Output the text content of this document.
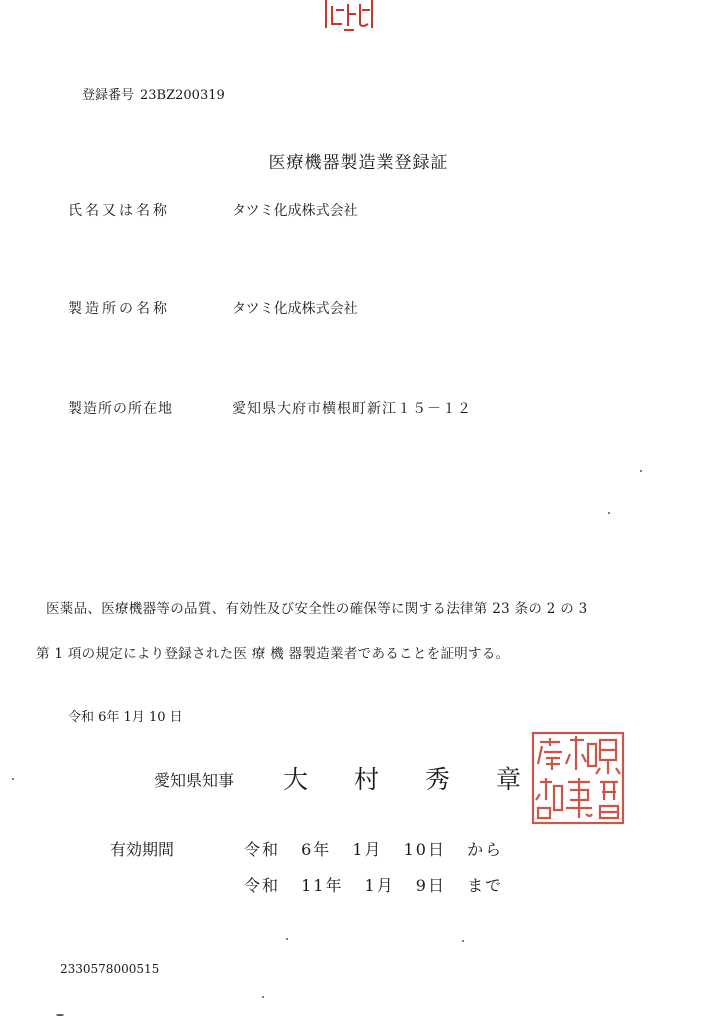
登録番号 23BZ200319
医療機器製造業登録証
氏名又は名称	タツミ化成株式会社
製造所の名称	タツミ化成株式会社
製造所の所在地	愛知県大府市横根町新江１５－１２
医薬品、医療機器等の品質、有効性及び安全性の確保等に関する法律第 23 条の 2 の 3
第 1 項の規定により登録された医 療 機 器製造業者であることを証明する。
令和 6年 1月 10 日
愛知県知事 大 村 秀 章
有効期間	令和 6年 1月 10日 から
令和 11年 1月 9日 まで
2330578000515
